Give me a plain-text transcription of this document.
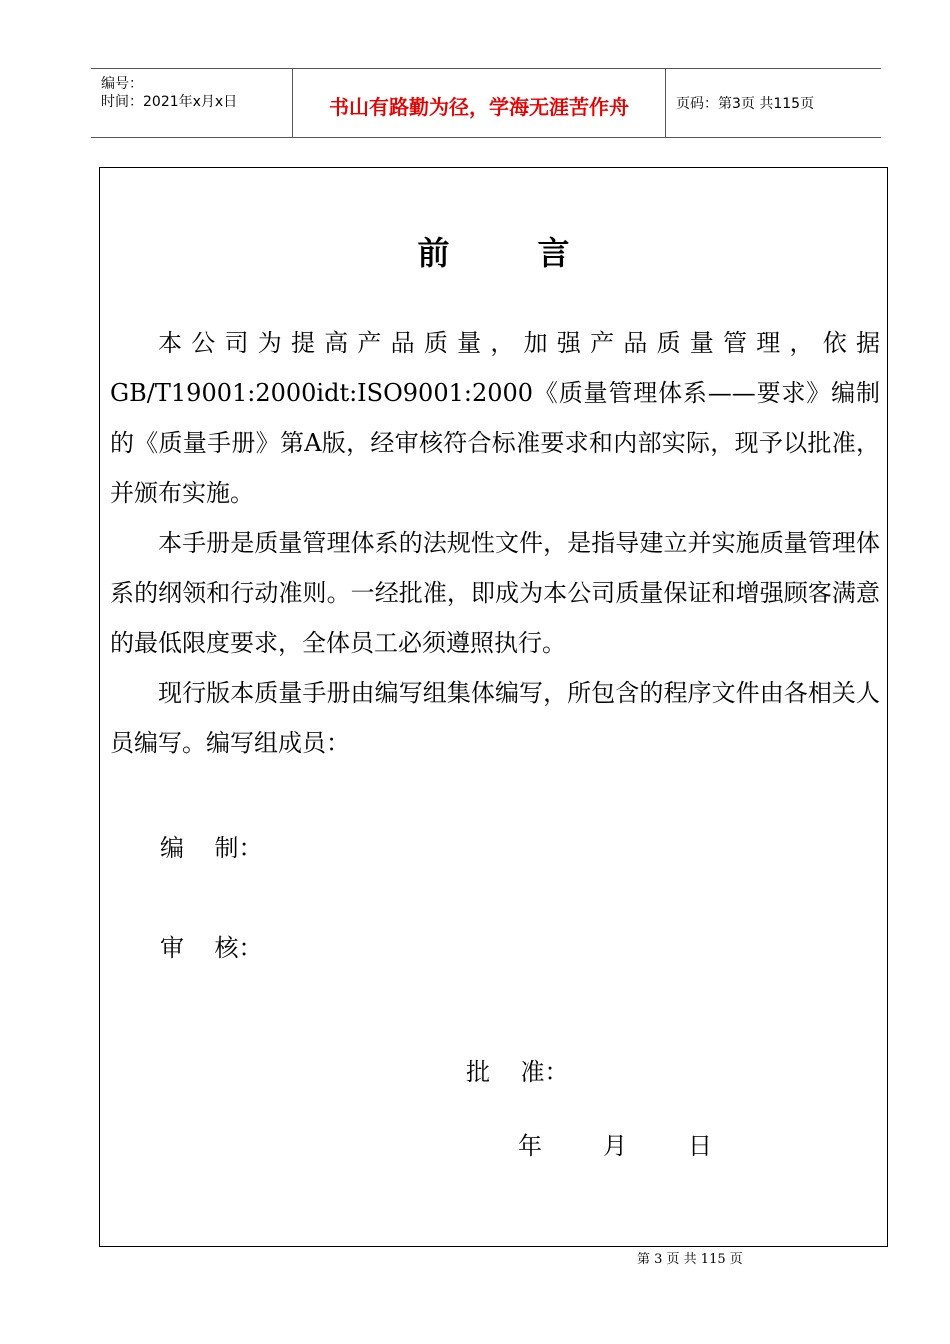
编号：
时间：2021年x月x日	书山有路勤为径，学海无涯苦作舟	页码：第3页 共115页
前言

本公司为提高产品质量，加强产品质量管理，依据GB/T19001:2000idt:ISO9001:2000《质量管理体系——要求》编制的《质量手册》第A版，经审核符合标准要求和内部实际，现予以批准，并颁布实施。

本手册是质量管理体系的法规性文件，是指导建立并实施质量管理体系的纲领和行动准则。一经批准，即成为本公司质量保证和增强顾客满意的最低限度要求，全体员工必须遵照执行。

现行版本质量手册由编写组集体编写，所包含的程序文件由各相关人员编写。编写组成员：

编    制：
审    核：
批    准：
年        月        日
第 3 页 共 115 页
